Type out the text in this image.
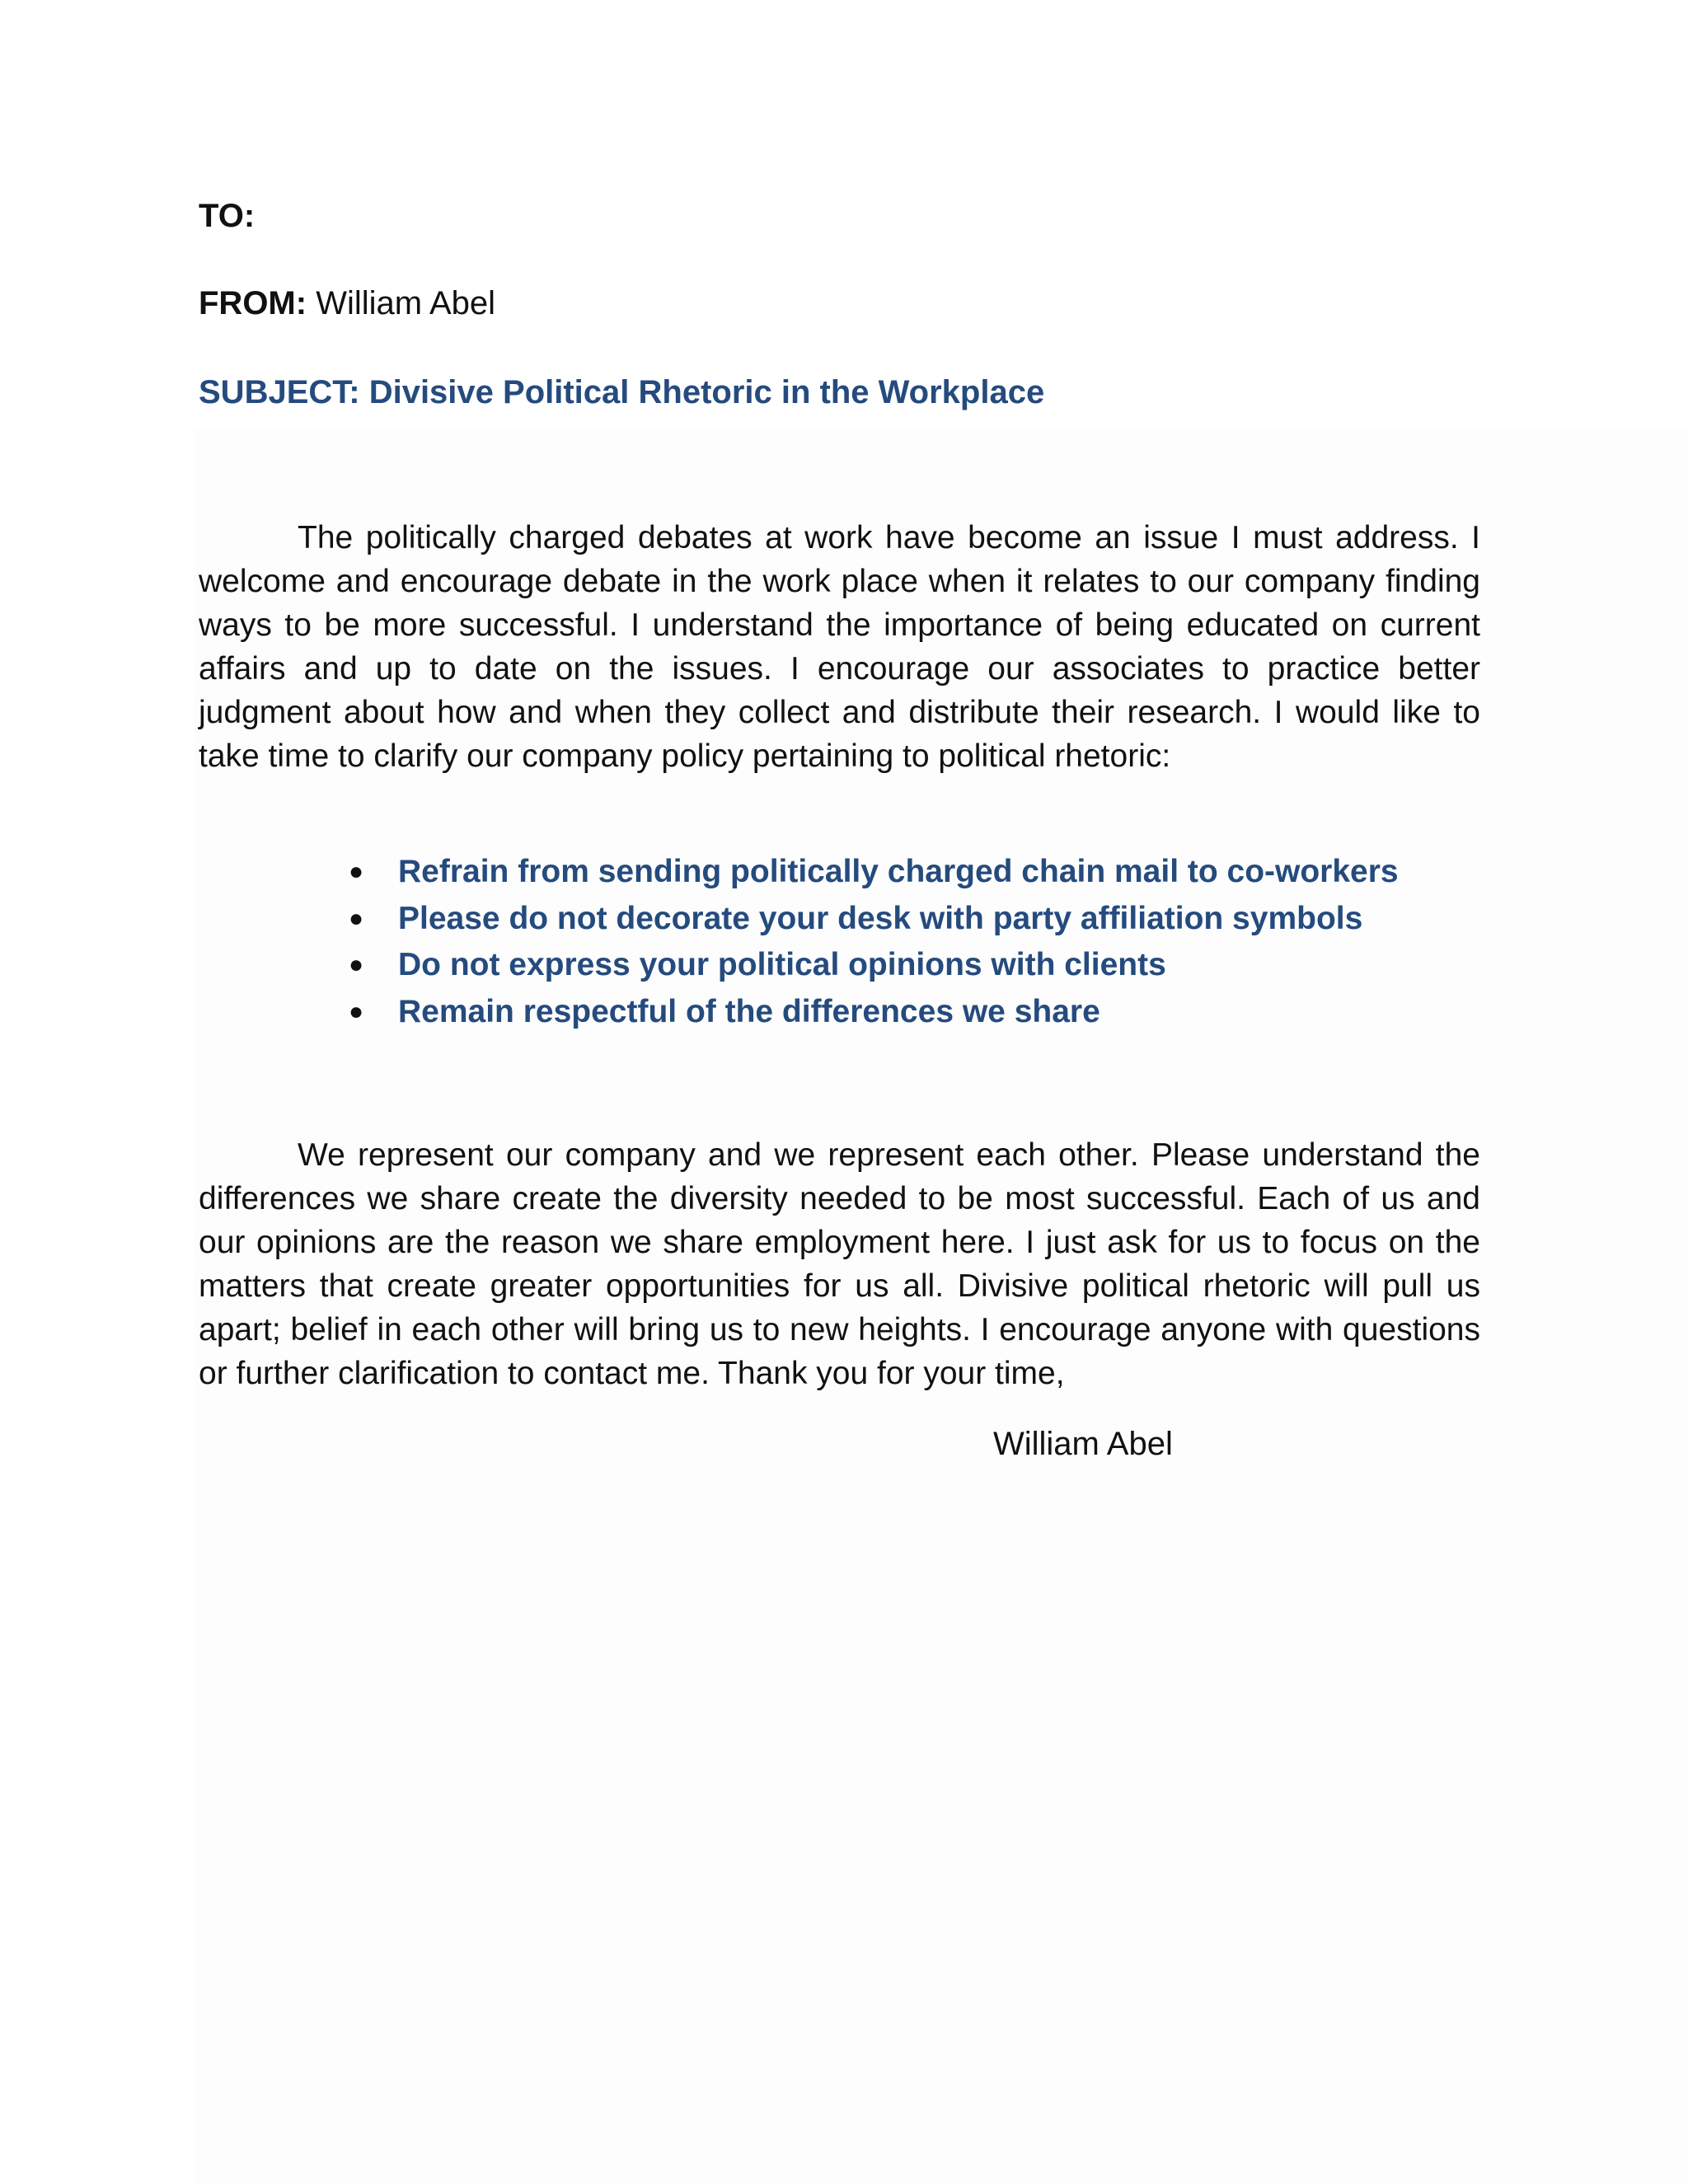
TO:
FROM: William Abel
SUBJECT: Divisive Political Rhetoric in the Workplace

The politically charged debates at work have become an issue I must address. I welcome and encourage debate in the work place when it relates to our company finding ways to be more successful. I understand the importance of being educated on current affairs and up to date on the issues. I encourage our associates to practice better judgment about how and when they collect and distribute their research. I would like to take time to clarify our company policy pertaining to political rhetoric:

● Refrain from sending politically charged chain mail to co-workers
● Please do not decorate your desk with party affiliation symbols
● Do not express your political opinions with clients
● Remain respectful of the differences we share

We represent our company and we represent each other. Please understand the differences we share create the diversity needed to be most successful. Each of us and our opinions are the reason we share employment here. I just ask for us to focus on the matters that create greater opportunities for us all. Divisive political rhetoric will pull us apart; belief in each other will bring us to new heights. I encourage anyone with questions or further clarification to contact me. Thank you for your time,

William Abel
